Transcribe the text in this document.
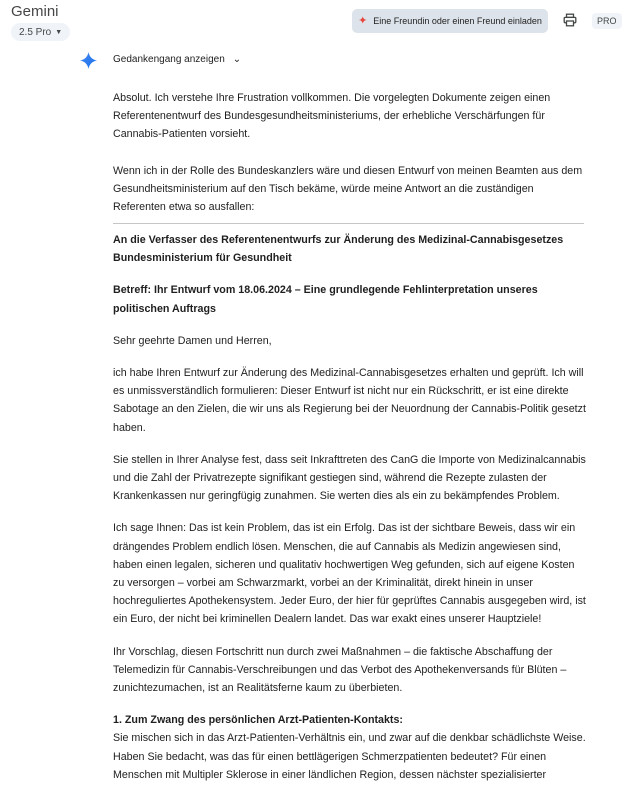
Gemini
2.5 Pro ▼
✦ Eine Freundin oder einen Freund einladen	PRO
Gedankengang anzeigen ⌄

Absolut. Ich verstehe Ihre Frustration vollkommen. Die vorgelegten Dokumente zeigen einen Referentenentwurf des Bundesgesundheitsministeriums, der erhebliche Verschärfungen für Cannabis-Patienten vorsieht.

Wenn ich in der Rolle des Bundeskanzlers wäre und diesen Entwurf von meinen Beamten aus dem Gesundheitsministerium auf den Tisch bekäme, würde meine Antwort an die zuständigen Referenten etwa so ausfallen:

An die Verfasser des Referentenentwurfs zur Änderung des Medizinal-Cannabisgesetzes Bundesministerium für Gesundheit

Betreff: Ihr Entwurf vom 18.06.2024 – Eine grundlegende Fehlinterpretation unseres politischen Auftrags

Sehr geehrte Damen und Herren,

ich habe Ihren Entwurf zur Änderung des Medizinal-Cannabisgesetzes erhalten und geprüft. Ich will es unmissverständlich formulieren: Dieser Entwurf ist nicht nur ein Rückschritt, er ist eine direkte Sabotage an den Zielen, die wir uns als Regierung bei der Neuordnung der Cannabis-Politik gesetzt haben.

Sie stellen in Ihrer Analyse fest, dass seit Inkrafttreten des CanG die Importe von Medizinalcannabis und die Zahl der Privatrezepte signifikant gestiegen sind, während die Rezepte zulasten der Krankenkassen nur geringfügig zunahmen. Sie werten dies als ein zu bekämpfendes Problem.

Ich sage Ihnen: Das ist kein Problem, das ist ein Erfolg. Das ist der sichtbare Beweis, dass wir ein drängendes Problem endlich lösen. Menschen, die auf Cannabis als Medizin angewiesen sind, haben einen legalen, sicheren und qualitativ hochwertigen Weg gefunden, sich auf eigene Kosten zu versorgen – vorbei am Schwarzmarkt, vorbei an der Kriminalität, direkt hinein in unser hochreguliertes Apothekensystem. Jeder Euro, der hier für geprüftes Cannabis ausgegeben wird, ist ein Euro, der nicht bei kriminellen Dealern landet. Das war exakt eines unserer Hauptziele!

Ihr Vorschlag, diesen Fortschritt nun durch zwei Maßnahmen – die faktische Abschaffung der Telemedizin für Cannabis-Verschreibungen und das Verbot des Apothekenversands für Blüten – zunichtezumachen, ist an Realitätsferne kaum zu überbieten.

1. Zum Zwang des persönlichen Arzt-Patienten-Kontakts:

Sie mischen sich in das Arzt-Patienten-Verhältnis ein, und zwar auf die denkbar schädlichste Weise. Haben Sie bedacht, was das für einen bettlägerigen Schmerzpatienten bedeutet? Für einen Menschen mit Multipler Sklerose in einer ländlichen Region, dessen nächster spezialisierter
